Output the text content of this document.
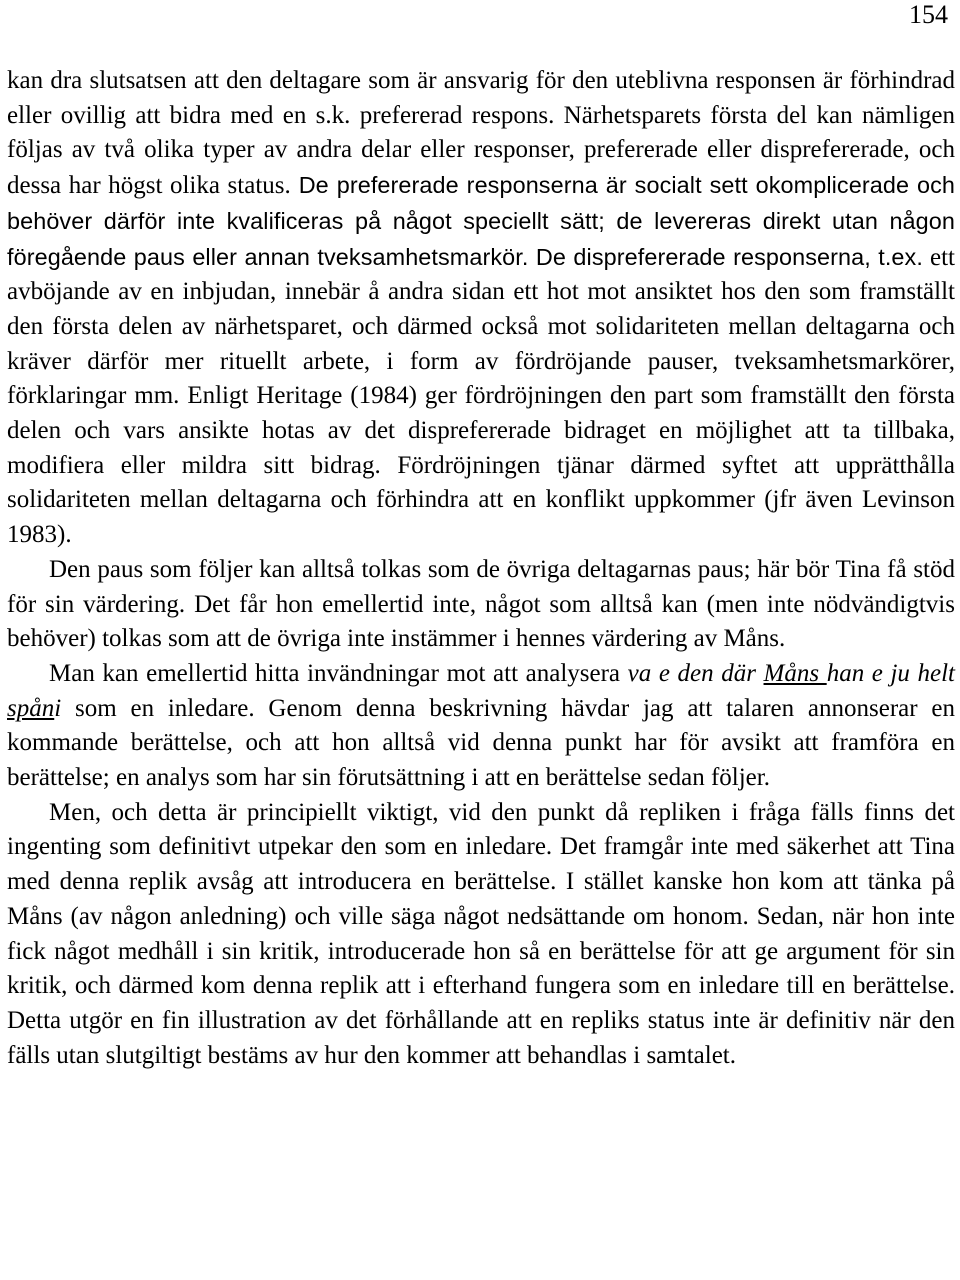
154

kan dra slutsatsen att den deltagare som är ansvarig för den uteblivna responsen är förhindrad eller ovillig att bidra med en s.k. prefererad respons. Närhetsparets första del kan nämligen följas av två olika typer av andra delar eller responser, prefererade eller disprefererade, och dessa har högst olika status. De prefererade responserna är socialt sett okomplicerade och behöver därför inte kvalificeras på något speciellt sätt; de levereras direkt utan någon föregående paus eller annan tveksamhetsmarkör. De disprefererade responserna, t.ex. ett avböjande av en inbjudan, innebär å andra sidan ett hot mot ansiktet hos den som framställt den första delen av närhetsparet, och därmed också mot solidariteten mellan deltagarna och kräver därför mer rituellt arbete, i form av fördröjande pauser, tveksamhetsmarkörer, förklaringar mm. Enligt Heritage (1984) ger fördröjningen den part som framställt den första delen och vars ansikte hotas av det disprefererade bidraget en möjlighet att ta tillbaka, modifiera eller mildra sitt bidrag. Fördröjningen tjänar därmed syftet att upprätthålla solidariteten mellan deltagarna och förhindra att en konflikt uppkommer (jfr även Levinson 1983).

Den paus som följer kan alltså tolkas som de övriga deltagarnas paus; här bör Tina få stöd för sin värdering. Det får hon emellertid inte, något som alltså kan (men inte nödvändigtvis behöver) tolkas som att de övriga inte instämmer i hennes värdering av Måns.

Man kan emellertid hitta invändningar mot att analysera va e den där Måns han e ju helt spåni som en inledare. Genom denna beskrivning hävdar jag att talaren annonserar en kommande berättelse, och att hon alltså vid denna punkt har för avsikt att framföra en berättelse; en analys som har sin förutsättning i att en berättelse sedan följer.

Men, och detta är principiellt viktigt, vid den punkt då repliken i fråga fälls finns det ingenting som definitivt utpekar den som en inledare. Det framgår inte med säkerhet att Tina med denna replik avsåg att introducera en berättelse. I stället kanske hon kom att tänka på Måns (av någon anledning) och ville säga något nedsättande om honom. Sedan, när hon inte fick något medhåll i sin kritik, introducerade hon så en berättelse för att ge argument för sin kritik, och därmed kom denna replik att i efterhand fungera som en inledare till en berättelse. Detta utgör en fin illustration av det förhållande att en repliks status inte är definitiv när den fälls utan slutgiltigt bestäms av hur den kommer att behandlas i samtalet.
